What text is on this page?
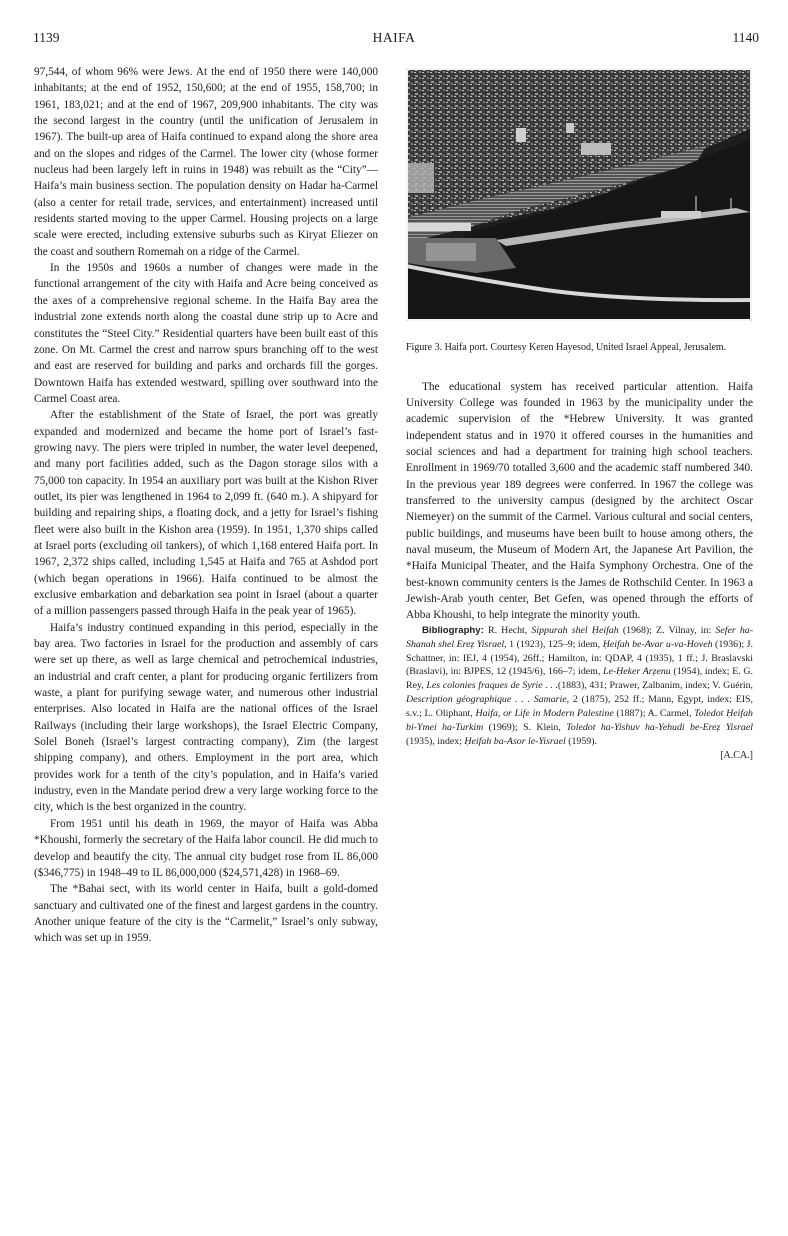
1139	HAIFA	1140

97,544, of whom 96% were Jews. At the end of 1950 there were 140,000 inhabitants; at the end of 1952, 150,600; at the end of 1955, 158,700; in 1961, 183,021; and at the end of 1967, 209,900 inhabitants. The city was the second largest in the country (until the unification of Jerusalem in 1967). The built-up area of Haifa continued to expand along the shore area and on the slopes and ridges of the Carmel. The lower city (whose former nucleus had been largely left in ruins in 1948) was rebuilt as the “City”—Haifa’s main business section. The population density on Hadar ha-Carmel (also a center for retail trade, services, and entertainment) increased until residents started moving to the upper Carmel. Housing projects on a large scale were erected, including extensive suburbs such as Kiryat Eliezer on the coast and southern Romemah on a ridge of the Carmel.

In the 1950s and 1960s a number of changes were made in the functional arrangement of the city with Haifa and Acre being conceived as the axes of a comprehensive regional scheme. In the Haifa Bay area the industrial zone extends north along the coastal dune strip up to Acre and constitutes the “Steel City.” Residential quarters have been built east of this zone. On Mt. Carmel the crest and narrow spurs branching off to the west and east are reserved for building and parks and orchards fill the gorges. Downtown Haifa has extended westward, spilling over southward into the Carmel Coast area.

After the establishment of the State of Israel, the port was greatly expanded and modernized and became the home port of Israel’s fast-growing navy. The piers were tripled in number, the water level deepened, and many port facilities added, such as the Dagon storage silos with a 75,000 ton capacity. In 1954 an auxiliary port was built at the Kishon River outlet, its pier was lengthened in 1964 to 2,099 ft. (640 m.). A shipyard for building and repairing ships, a floating dock, and a jetty for Israel’s fishing fleet were also built in the Kishon area (1959). In 1951, 1,370 ships called at Israel ports (excluding oil tankers), of which 1,168 entered Haifa port. In 1967, 2,372 ships called, including 1,545 at Haifa and 765 at Ashdod port (which began operations in 1966). Haifa continued to be almost the exclusive embarkation and debarkation sea point in Israel (about a quarter of a million passengers passed through Haifa in the peak year of 1965).

Haifa’s industry continued expanding in this period, especially in the bay area. Two factories in Israel for the production and assembly of cars were set up there, as well as large chemical and petrochemical industries, an industrial and craft center, a plant for producing organic fertilizers from waste, a plant for purifying sewage water, and numerous other industrial enterprises. Also located in Haifa are the national offices of the Israel Railways (including their large workshops), the Israel Electric Company, Solel Boneh (Israel’s largest contracting company), Zim (the largest shipping company), and others. Employment in the port area, which provides work for a tenth of the city’s population, and in Haifa’s varied industry, even in the Mandate period drew a very large working force to the city, which is the best organized in the country.

From 1951 until his death in 1969, the mayor of Haifa was Abba *Khoushi, formerly the secretary of the Haifa labor council. He did much to develop and beautify the city. The annual city budget rose from IL 86,000 ($346,775) in 1948–49 to IL 86,000,000 ($24,571,428) in 1968–69.

The *Bahai sect, with its world center in Haifa, built a gold-domed sanctuary and cultivated one of the finest and largest gardens in the country. Another unique feature of the city is the “Carmelit,” Israel’s only subway, which was set up in 1959.

Figure 3. Haifa port. Courtesy Keren Hayesod, United Israel Appeal, Jerusalem.

The educational system has received particular attention. Haifa University College was founded in 1963 by the municipality under the academic supervision of the *Hebrew University. It was granted independent status and in 1970 it offered courses in the humanities and social sciences and had a department for training high school teachers. Enrollment in 1969/70 totalled 3,600 and the academic staff numbered 340. In the previous year 189 degrees were conferred. In 1967 the college was transferred to the university campus (designed by the architect Oscar Niemeyer) on the summit of the Carmel. Various cultural and social centers, public buildings, and museums have been built to house among others, the naval museum, the Museum of Modern Art, the Japanese Art Pavilion, the *Haifa Municipal Theater, and the Haifa Symphony Orchestra. One of the best-known community centers is the James de Rothschild Center. In 1963 a Jewish-Arab youth center, Bet Gefen, was opened through the efforts of Abba Khoushi, to help integrate the minority youth.

Bibliography: R. Hecht, Sippurah shel Ḥeifah (1968); Z. Vilnay, in: Sefer ha-Shanah shel Ereẓ Yisrael, 1 (1923), 125–9; idem, Ḥeifah be-Avar u-va-Hoveh (1936); J. Schattner, in: IEJ, 4 (1954), 26ff.; Hamilton, in: QDAP, 4 (1935), 1 ff.; J. Braslavski (Braslavi), in: BJPES, 12 (1945/6), 166–7; idem, Le-Ḥeker Arẓenu (1954), index; E. G. Rey, Les colonies fraques de Syrie . . .(1883), 431; Prawer, Ẓalbanim, index; V. Guérin, Description géographique . . . Samarie, 2 (1875), 252 ff.; Mann, Egypt, index; EIS, s.v.; L. Oliphant, Haifa, or Life in Modern Palestine (1887); A. Carmel, Toledot Ḥeifah bi-Ymei ha-Turkim (1969); S. Klein, Toledot ha-Yishuv ha-Yehudi be-Ereẓ Yisrael (1935), index; Ḥeifah ba-Asor le-Yisrael (1959).

[A.CA.]
